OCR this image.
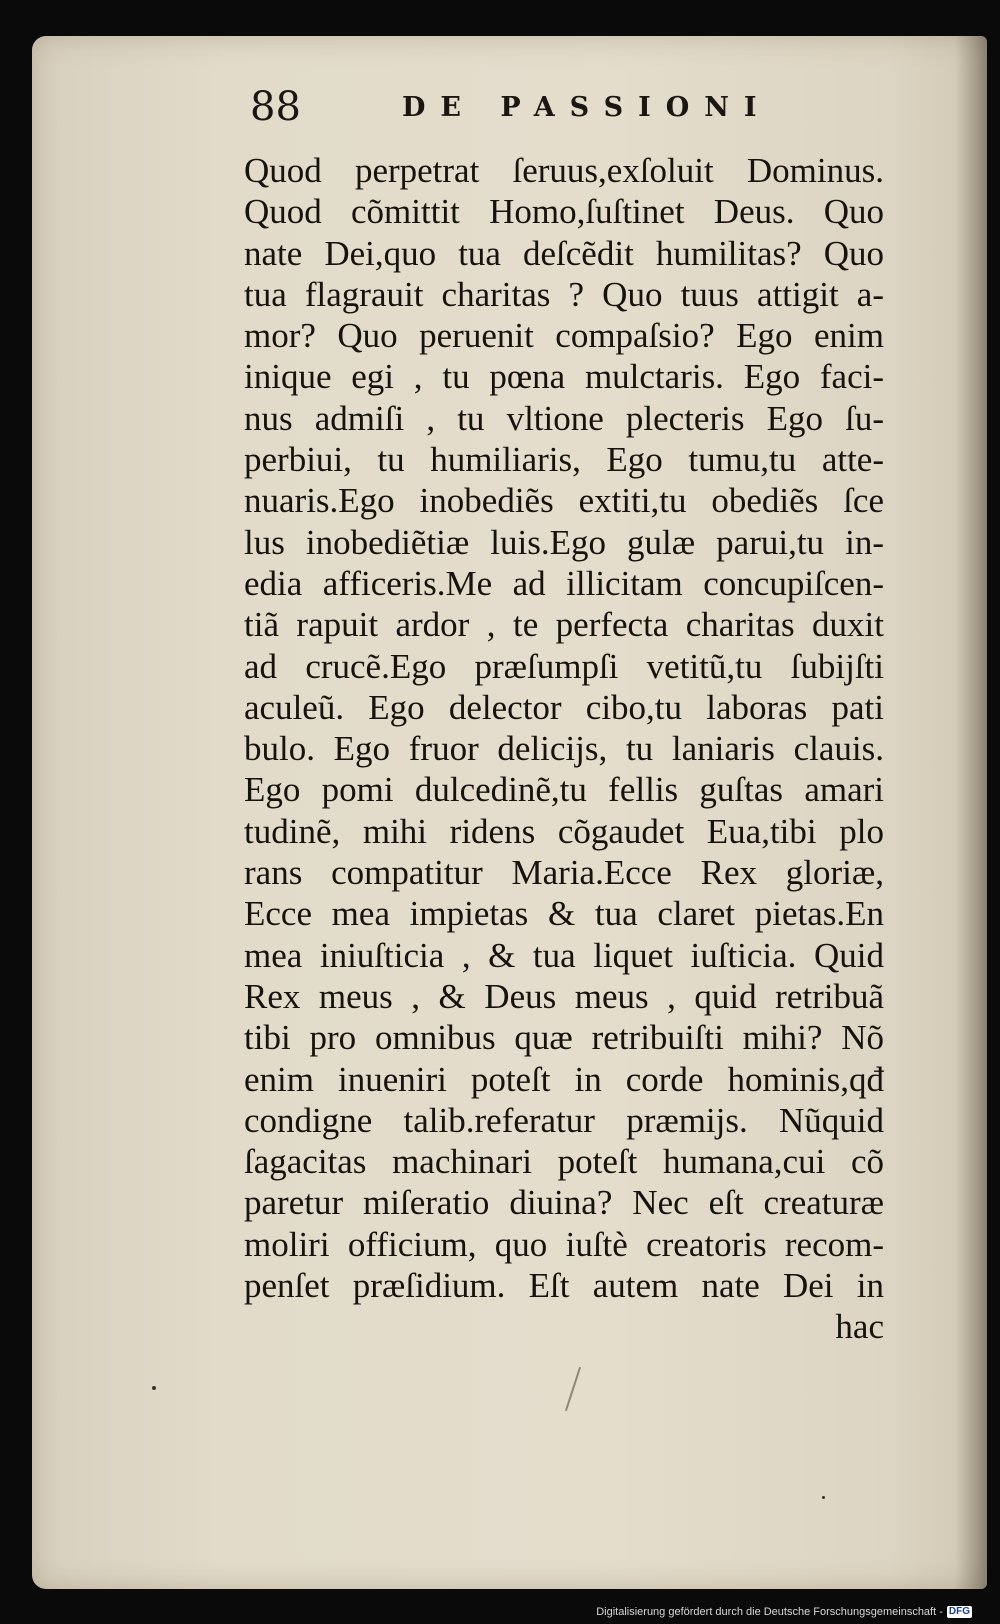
88	DE PASSIONI
Quod perpetrat ſeruus,exſoluit Dominus.
Quod cõmittit Homo,ſuſtinet Deus. Quo
nate Dei,quo tua deſcẽdit humilitas? Quo
tua flagrauit charitas ? Quo tuus attigit a-
mor? Quo peruenit compaſsio? Ego enim
inique egi , tu pœna mulctaris. Ego faci-
nus admiſi , tu vltione plecteris Ego ſu-
perbiui, tu humiliaris, Ego tumu,tu atte-
nuaris.Ego inobediẽs extiti,tu obediẽs ſce
lus inobediẽtiæ luis.Ego gulæ parui,tu in-
edia afficeris.Me ad illicitam concupiſcen-
tiã rapuit ardor , te perfecta charitas duxit
ad crucẽ.Ego præſumpſi vetitũ,tu ſubijſti
aculeũ. Ego delector cibo,tu laboras pati
bulo. Ego fruor delicijs, tu laniaris clauis.
Ego pomi dulcedinẽ,tu fellis guſtas amari
tudinẽ, mihi ridens cõgaudet Eua,tibi plo
rans compatitur Maria.Ecce Rex gloriæ,
Ecce mea impietas & tua claret pietas.En
mea iniuſticia , & tua liquet iuſticia. Quid
Rex meus , & Deus meus , quid retribuã
tibi pro omnibus quæ retribuiſti mihi? Nõ
enim inueniri poteſt in corde hominis,qđ
condigne talib.referatur præmijs. Nũquid
ſagacitas machinari poteſt humana,cui cõ
paretur miſeratio diuina? Nec eſt creaturæ
moliri officium, quo iuſtè creatoris recom-
penſet præſidium. Eſt autem nate Dei in
hac
Digitalisierung gefördert durch die Deutsche Forschungsgemeinschaft - DFG
